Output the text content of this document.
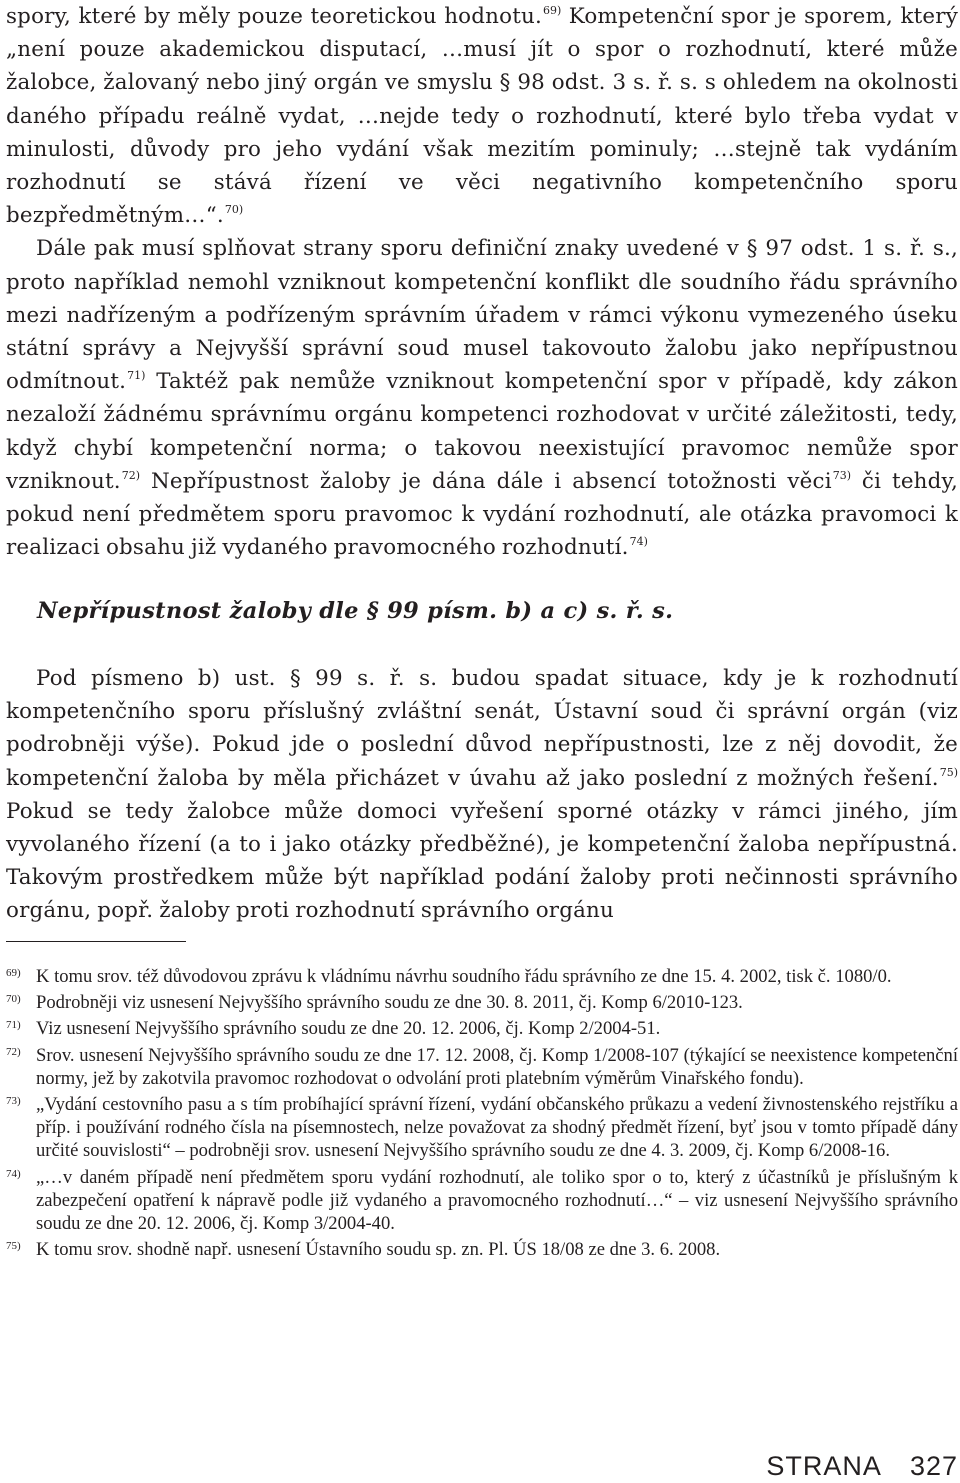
spory, které by měly pouze teoretickou hodnotu.$^{69)}$ Kompetenční spor je sporem, který „není pouze akademickou disputací, …musí jít o spor o rozhodnutí, které může žalobce, žalovaný nebo jiný orgán ve smyslu § 98 odst. 3 s. ř. s. s ohledem na okolnosti daného případu reálně vydat, …nejde tedy o rozhodnutí, které bylo třeba vydat v minulosti, důvody pro jeho vydání však mezitím pominuly; …stejně tak vydáním rozhodnutí se stává řízení ve věci negativního kompetenčního sporu bezpředmětným…“.$^{70)}$

Dále pak musí splňovat strany sporu definiční znaky uvedené v § 97 odst. 1 s. ř. s., proto například nemohl vzniknout kompetenční konflikt dle soudního řádu správního mezi nadřízeným a podřízeným správním úřadem v rámci výkonu vymezeného úseku státní správy a Nejvyšší správní soud musel takovouto žalobu jako nepřípustnou odmítnout.$^{71)}$ Taktéž pak nemůže vzniknout kompetenční spor v případě, kdy zákon nezaloží žádnému správnímu orgánu kompetenci rozhodovat v určité záležitosti, tedy, když chybí kompetenční norma; o takovou neexistující pravomoc nemůže spor vzniknout.$^{72)}$ Nepřípustnost žaloby je dána dále i absencí totožnosti věci$^{73)}$ či tehdy, pokud není předmětem sporu pravomoc k vydání rozhodnutí, ale otázka pravomoci k realizaci obsahu již vydaného pravomocného rozhodnutí.$^{74)}$

Nepřípustnost žaloby dle § 99 písm. b) a c) s. ř. s.

Pod písmeno b) ust. § 99 s. ř. s. budou spadat situace, kdy je k rozhodnutí kompetenčního sporu příslušný zvláštní senát, Ústavní soud či správní orgán (viz podrobněji výše). Pokud jde o poslední důvod nepřípustnosti, lze z něj dovodit, že kompetenční žaloba by měla přicházet v úvahu až jako poslední z možných řešení.$^{75)}$ Pokud se tedy žalobce může domoci vyřešení sporné otázky v rámci jiného, jím vyvolaného řízení (a to i jako otázky předběžné), je kompetenční žaloba nepřípustná. Takovým prostředkem může být například podání žaloby proti nečinnosti správního orgánu, popř. žaloby proti rozhodnutí správního orgánu

69) K tomu srov. též důvodovou zprávu k vládnímu návrhu soudního řádu správního ze dne 15. 4. 2002, tisk č. 1080/0.
70) Podrobněji viz usnesení Nejvyššího správního soudu ze dne 30. 8. 2011, čj. Komp 6/2010-123.
71) Viz usnesení Nejvyššího správního soudu ze dne 20. 12. 2006, čj. Komp 2/2004-51.
72) Srov. usnesení Nejvyššího správního soudu ze dne 17. 12. 2008, čj. Komp 1/2008-107 (týkající se neexistence kompetenční normy, jež by zakotvila pravomoc rozhodovat o odvolání proti platebním výměrům Vinařského fondu).
73) „Vydání cestovního pasu a s tím probíhající správní řízení, vydání občanského průkazu a vedení živnostenského rejstříku a příp. i používání rodného čísla na písemnostech, nelze považovat za shodný předmět řízení, byť jsou v tomto případě dány určité souvislosti“ – podrobněji srov. usnesení Nejvyššího správního soudu ze dne 4. 3. 2009, čj. Komp 6/2008-16.
74) „…v daném případě není předmětem sporu vydání rozhodnutí, ale toliko spor o to, který z účastníků je příslušným k zabezpečení opatření k nápravě podle již vydaného a pravomocného rozhodnutí…“ – viz usnesení Nejvyššího správního soudu ze dne 20. 12. 2006, čj. Komp 3/2004-40.
75) K tomu srov. shodně např. usnesení Ústavního soudu sp. zn. Pl. ÚS 18/08 ze dne 3. 6. 2008.
STRANA 327
